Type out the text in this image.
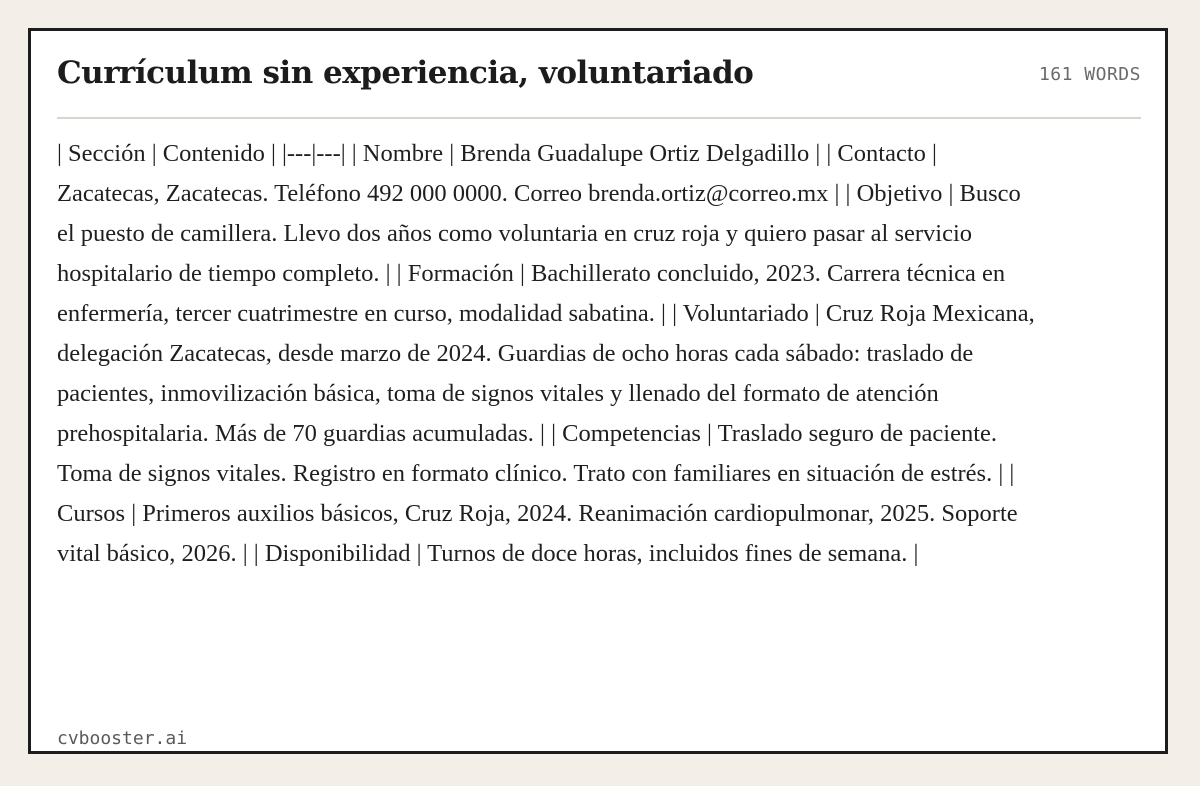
Currículum sin experiencia, voluntariado	161 WORDS

| Sección | Contenido | |---|---| | Nombre | Brenda Guadalupe Ortiz Delgadillo | | Contacto | Zacatecas, Zacatecas. Teléfono 492 000 0000. Correo brenda.ortiz@correo.mx | | Objetivo | Busco el puesto de camillera. Llevo dos años como voluntaria en cruz roja y quiero pasar al servicio hospitalario de tiempo completo. | | Formación | Bachillerato concluido, 2023. Carrera técnica en enfermería, tercer cuatrimestre en curso, modalidad sabatina. | | Voluntariado | Cruz Roja Mexicana, delegación Zacatecas, desde marzo de 2024. Guardias de ocho horas cada sábado: traslado de pacientes, inmovilización básica, toma de signos vitales y llenado del formato de atención prehospitalaria. Más de 70 guardias acumuladas. | | Competencias | Traslado seguro de paciente. Toma de signos vitales. Registro en formato clínico. Trato con familiares en situación de estrés. | | Cursos | Primeros auxilios básicos, Cruz Roja, 2024. Reanimación cardiopulmonar, 2025. Soporte vital básico, 2026. | | Disponibilidad | Turnos de doce horas, incluidos fines de semana. |

cvbooster.ai
